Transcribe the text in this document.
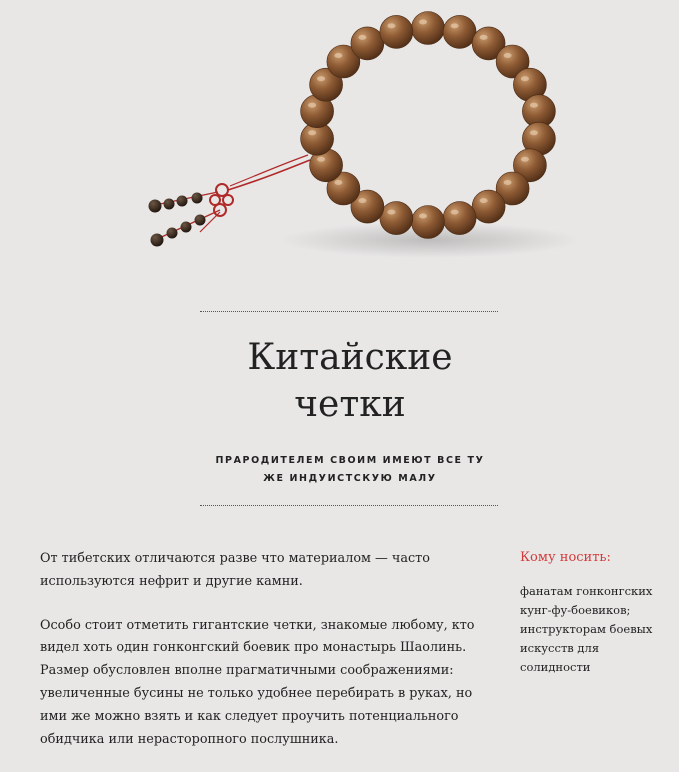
Китайские
четки
ПРАРОДИТЕЛЕМ СВОИМ ИМЕЮТ ВСЕ ТУ
ЖЕ ИНДУИСТСКУЮ МАЛУ

От тибетских отличаются разве что материалом — часто используются нефрит и другие камни.

Особо стоит отметить гигантские четки, знакомые любому, кто видел хоть один гонконгский боевик про монастырь Шаолинь. Размер обусловлен вполне прагматичными соображениями: увеличенные бусины не только удобнее перебирать в руках, но ими же можно взять и как следует проучить потенциального обидчика или нерасторопного послушника.

Кому носить:
фанатам гонконгских кунг-фу-боевиков;
инструкторам боевых искусств для солидности
